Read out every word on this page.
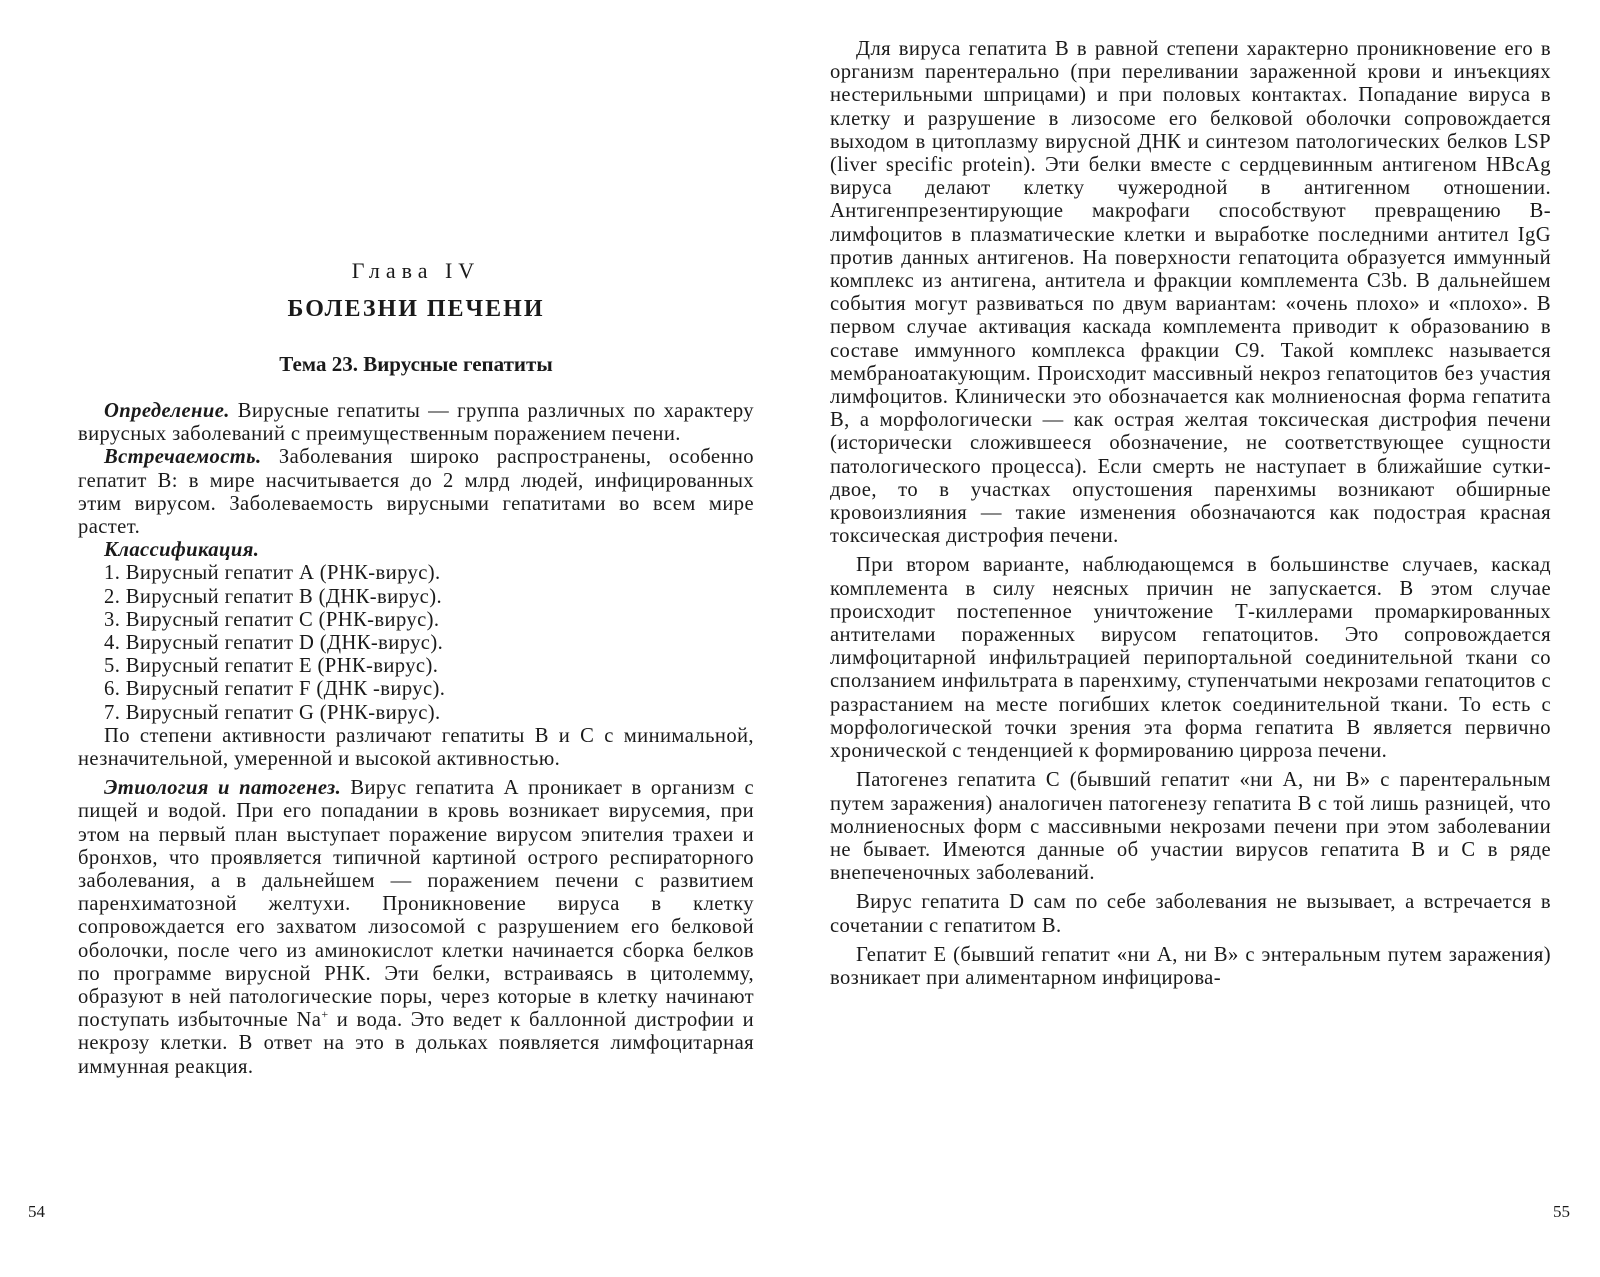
Глава IV
БОЛЕЗНИ ПЕЧЕНИ
Тема 23. Вирусные гепатиты

Определение. Вирусные гепатиты — группа различных по характеру вирусных заболеваний с преимущественным поражением печени.

Встречаемость. Заболевания широко распространены, особенно гепатит В: в мире насчитывается до 2 млрд людей, инфицированных этим вирусом. Заболеваемость вирусными гепатитами во всем мире растет.

Классификация.

1. Вирусный гепатит А (РНК-вирус).
2. Вирусный гепатит В (ДНК-вирус).
3. Вирусный гепатит С (РНК-вирус).
4. Вирусный гепатит D (ДНК-вирус).
5. Вирусный гепатит Е (РНК-вирус).
6. Вирусный гепатит F (ДНК -вирус).
7. Вирусный гепатит G (РНК-вирус).

По степени активности различают гепатиты В и С с минимальной, незначительной, умеренной и высокой активностью.

Этиология и патогенез. Вирус гепатита А проникает в организм с пищей и водой. При его попадании в кровь возникает вирусемия, при этом на первый план выступает поражение вирусом эпителия трахеи и бронхов, что проявляется типичной картиной острого респираторного заболевания, а в дальнейшем — поражением печени с развитием паренхиматозной желтухи. Проникновение вируса в клетку сопровождается его захватом лизосомой с разрушением его белковой оболочки, после чего из аминокислот клетки начинается сборка белков по программе вирусной РНК. Эти белки, встраиваясь в цитолемму, образуют в ней патологические поры, через которые в клетку начинают поступать избыточные Na+ и вода. Это ведет к баллонной дистрофии и некрозу клетки. В ответ на это в дольках появляется лимфоцитарная иммунная реакция.

54

Для вируса гепатита В в равной степени характерно проникновение его в организм парентерально (при переливании зараженной крови и инъекциях нестерильными шприцами) и при половых контактах. Попадание вируса в клетку и разрушение в лизосоме его белковой оболочки сопровождается выходом в цитоплазму вирусной ДНК и синтезом патологических белков LSP (liver specific protein). Эти белки вместе с сердцевинным антигеном HBcAg вируса делают клетку чужеродной в антигенном отношении. Антигенпрезентирующие макрофаги способствуют превращению В-лимфоцитов в плазматические клетки и выработке последними антител IgG против данных антигенов. На поверхности гепатоцита образуется иммунный комплекс из антигена, антитела и фракции комплемента C3b. В дальнейшем события могут развиваться по двум вариантам: «очень плохо» и «плохо». В первом случае активация каскада комплемента приводит к образованию в составе иммунного комплекса фракции С9. Такой комплекс называется мембраноатакующим. Происходит массивный некроз гепатоцитов без участия лимфоцитов. Клинически это обозначается как молниеносная форма гепатита В, а морфологически — как острая желтая токсическая дистрофия печени (исторически сложившееся обозначение, не соответствующее сущности патологического процесса). Если смерть не наступает в ближайшие сутки-двое, то в участках опустошения паренхимы возникают обширные кровоизлияния — такие изменения обозначаются как подострая красная токсическая дистрофия печени.

При втором варианте, наблюдающемся в большинстве случаев, каскад комплемента в силу неясных причин не запускается. В этом случае происходит постепенное уничтожение Т-киллерами промаркированных антителами пораженных вирусом гепатоцитов. Это сопровождается лимфоцитарной инфильтрацией перипортальной соединительной ткани со сползанием инфильтрата в паренхиму, ступенчатыми некрозами гепатоцитов с разрастанием на месте погибших клеток соединительной ткани. То есть с морфологической точки зрения эта форма гепатита В является первично хронической с тенденцией к формированию цирроза печени.

Патогенез гепатита С (бывший гепатит «ни А, ни В» с парентеральным путем заражения) аналогичен патогенезу гепатита В с той лишь разницей, что молниеносных форм с массивными некрозами печени при этом заболевании не бывает. Имеются данные об участии вирусов гепатита В и С в ряде внепеченочных заболеваний.

Вирус гепатита D сам по себе заболевания не вызывает, а встречается в сочетании с гепатитом В.

Гепатит Е (бывший гепатит «ни А, ни В» с энтеральным путем заражения) возникает при алиментарном инфицирова-

55
